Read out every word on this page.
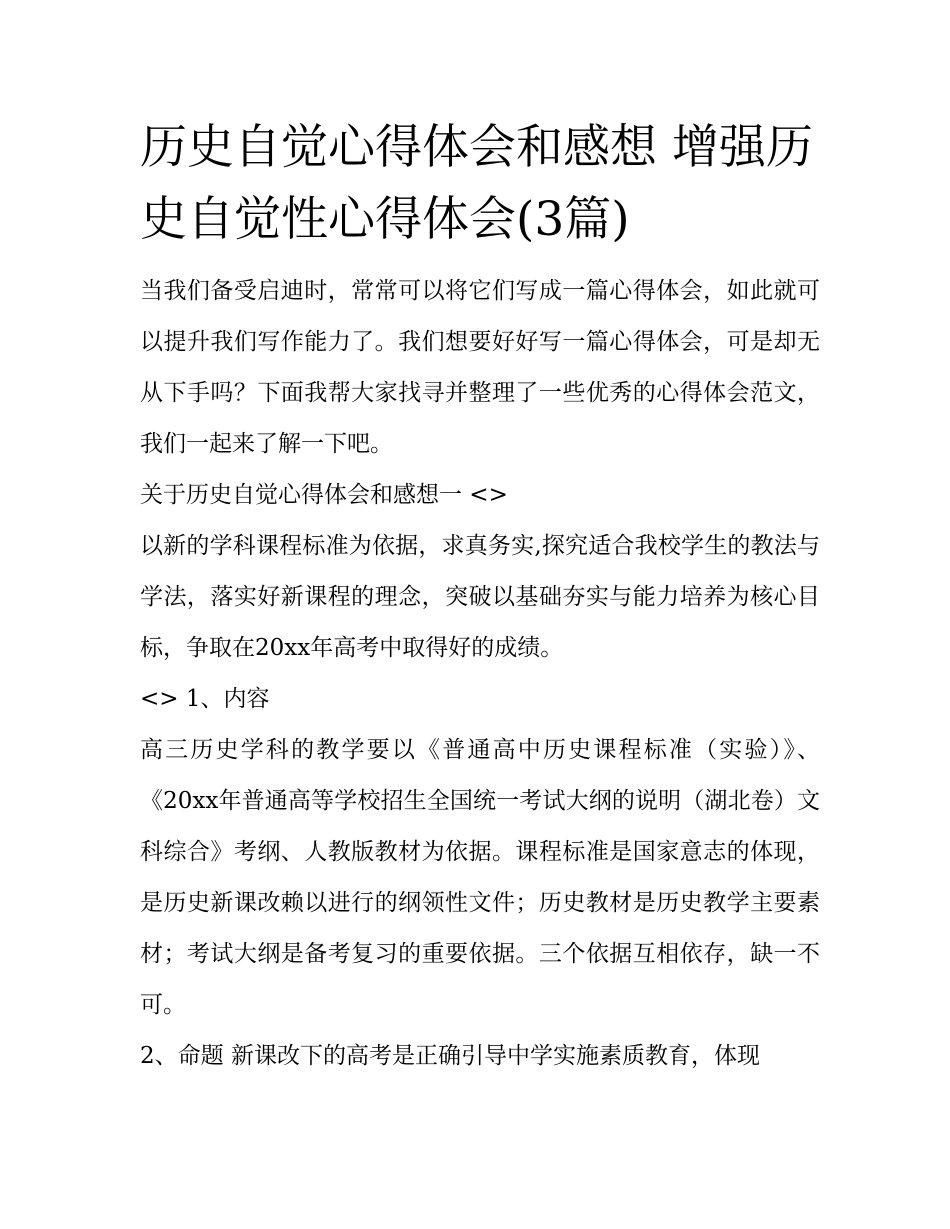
历史自觉心得体会和感想 增强历史自觉性心得体会(3篇)

当我们备受启迪时，常常可以将它们写成一篇心得体会，如此就可以提升我们写作能力了。我们想要好好写一篇心得体会，可是却无从下手吗？下面我帮大家找寻并整理了一些优秀的心得体会范文，我们一起来了解一下吧。

关于历史自觉心得体会和感想一 <>

以新的学科课程标准为依据，求真务实,探究适合我校学生的教法与学法，落实好新课程的理念，突破以基础夯实与能力培养为核心目标，争取在20xx年高考中取得好的成绩。

<> 1、内容

高三历史学科的教学要以《普通高中历史课程标准（实验）》、《20xx年普通高等学校招生全国统一考试大纲的说明（湖北卷）文科综合》考纲、人教版教材为依据。课程标准是国家意志的体现，是历史新课改赖以进行的纲领性文件；历史教材是历史教学主要素材；考试大纲是备考复习的重要依据。三个依据互相依存，缺一不可。

2、命题 新课改下的高考是正确引导中学实施素质教育，体现
